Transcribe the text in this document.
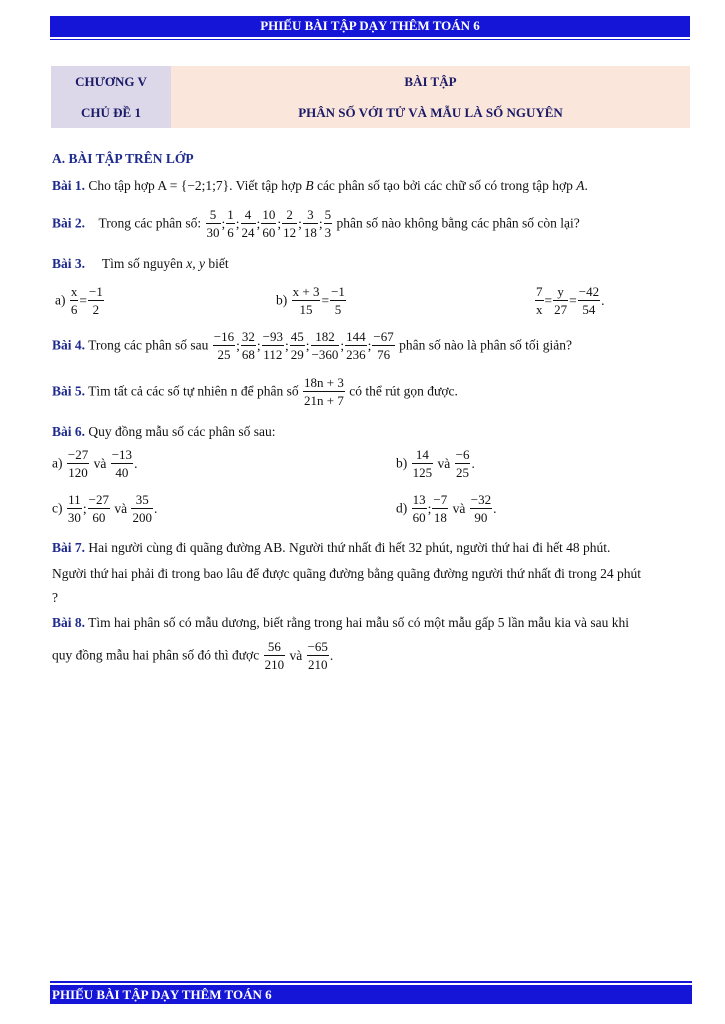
PHIẾU BÀI TẬP DẠY THÊM TOÁN 6
CHƯƠNG V	BÀI TẬP
CHỦ ĐỀ 1	PHÂN SỐ VỚI TỬ VÀ MẪU LÀ SỐ NGUYÊN
A. BÀI TẬP TRÊN LỚP
Bài 1. Cho tập hợp A = {−2;1;7}. Viết tập hợp B các phân số tạo bởi các chữ số có trong tập hợp A.
Bài 2. Trong các phân số: $\frac{5}{30}$ ; $\frac{1}{6}$ ; $\frac{4}{24}$ ; $\frac{10}{60}$ ; $\frac{2}{12}$ ; $\frac{3}{18}$ ; $\frac{5}{3}$ phân số nào không bằng các phân số còn lại?
Bài 3. Tìm số nguyên x, y biết
$a) \frac{x}{6} = \frac{-1}{2}$	$b) \frac{x + 3}{15} = \frac{-1}{5}$	$\frac{7}{x} = \frac{y}{27} = \frac{-42}{54}$ .
Bài 4. Trong các phân số sau $\frac{-16}{25}$ ; $\frac{32}{68}$ ; $\frac{-93}{112}$ ; $\frac{45}{29}$ ; $\frac{182}{-360}$ ; $\frac{144}{236}$ ; $\frac{-67}{76}$ phân số nào là phân số tối giản?
Bài 5. Tìm tất cả các số tự nhiên n để phân số $\frac{18n + 3}{21n + 7}$ có thể rút gọn được.
Bài 6. Quy đồng mẫu số các phân số sau:
$a) \frac{-27}{120}$ và $\frac{-13}{40}$ .	$b) \frac{14}{125}$ và $\frac{-6}{25}$ .
$c) \frac{11}{30}$ ; $\frac{-27}{60}$ và $\frac{35}{200}$ .	$d) \frac{13}{60}$ ; $\frac{-7}{18}$ và $\frac{-32}{90}$ .
Bài 7. Hai người cùng đi quãng đường AB. Người thứ nhất đi hết 32 phút, người thứ hai đi hết 48 phút.
Người thứ hai phải đi trong bao lâu để được quãng đường bằng quãng đường người thứ nhất đi trong 24 phút
?
Bài 8. Tìm hai phân số có mẫu dương, biết rằng trong hai mẫu số có một mẫu gấp 5 lần mẫu kia và sau khi
quy đồng mẫu hai phân số đó thì được $\frac{56}{210}$ và $\frac{-65}{210}$ .
PHIẾU BÀI TẬP DẠY THÊM TOÁN 6
